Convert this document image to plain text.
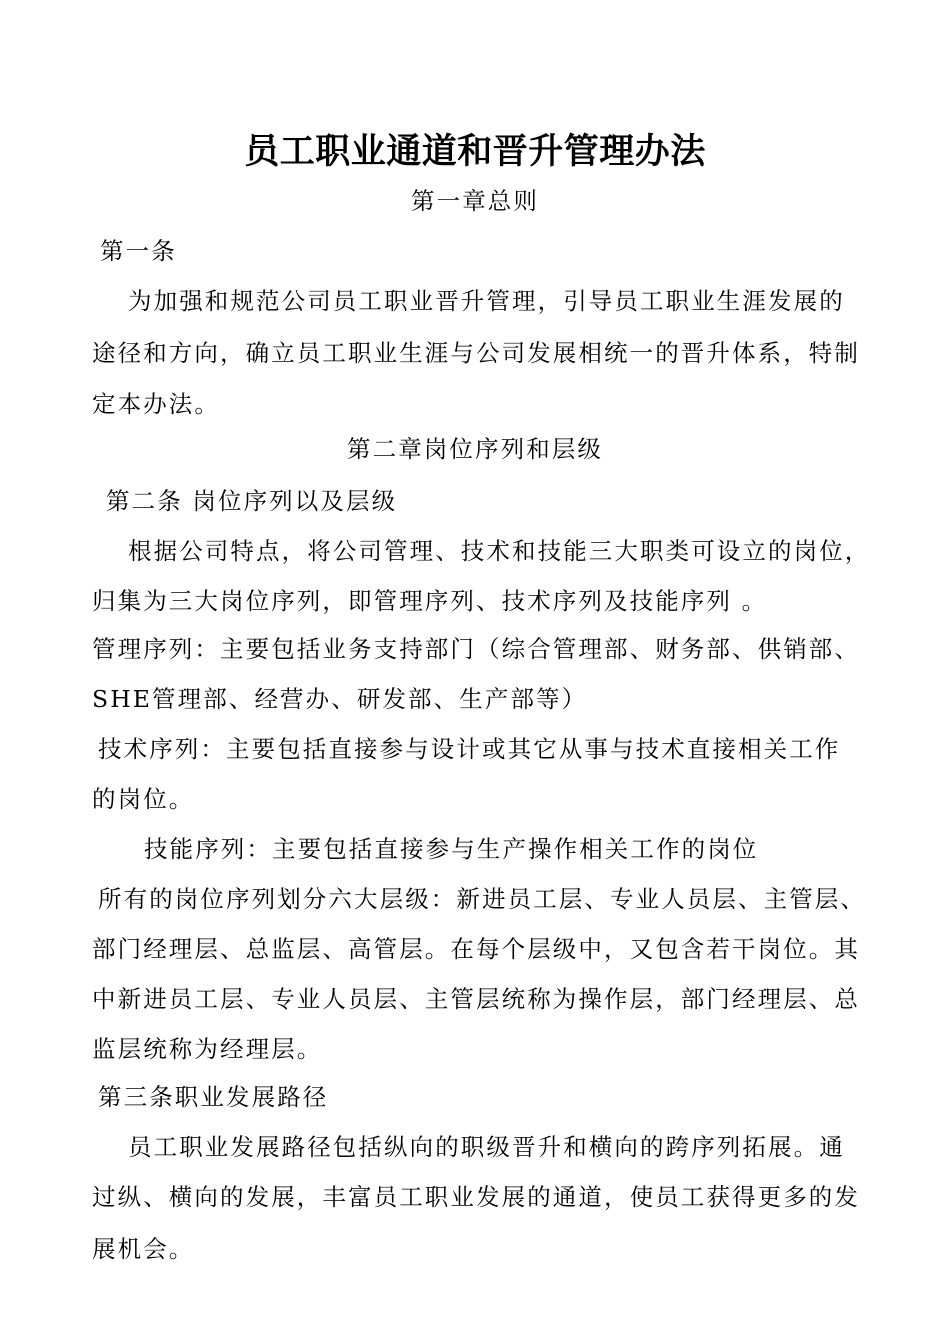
员工职业通道和晋升管理办法
第一章总则
第一条
为加强和规范公司员工职业晋升管理，引导员工职业生涯发展的
途径和方向，确立员工职业生涯与公司发展相统一的晋升体系，特制
定本办法。
第二章岗位序列和层级
第二条 岗位序列以及层级
根据公司特点，将公司管理、技术和技能三大职类可设立的岗位，
归集为三大岗位序列，即管理序列、技术序列及技能序列 。
管理序列：主要包括业务支持部门（综合管理部、财务部、供销部、
SHE管理部、经营办、研发部、生产部等）
技术序列：主要包括直接参与设计或其它从事与技术直接相关工作
的岗位。
技能序列：主要包括直接参与生产操作相关工作的岗位
所有的岗位序列划分六大层级：新进员工层、专业人员层、主管层、
部门经理层、总监层、高管层。在每个层级中，又包含若干岗位。其
中新进员工层、专业人员层、主管层统称为操作层，部门经理层、总
监层统称为经理层。
第三条职业发展路径
员工职业发展路径包括纵向的职级晋升和横向的跨序列拓展。通
过纵、横向的发展，丰富员工职业发展的通道，使员工获得更多的发
展机会。
